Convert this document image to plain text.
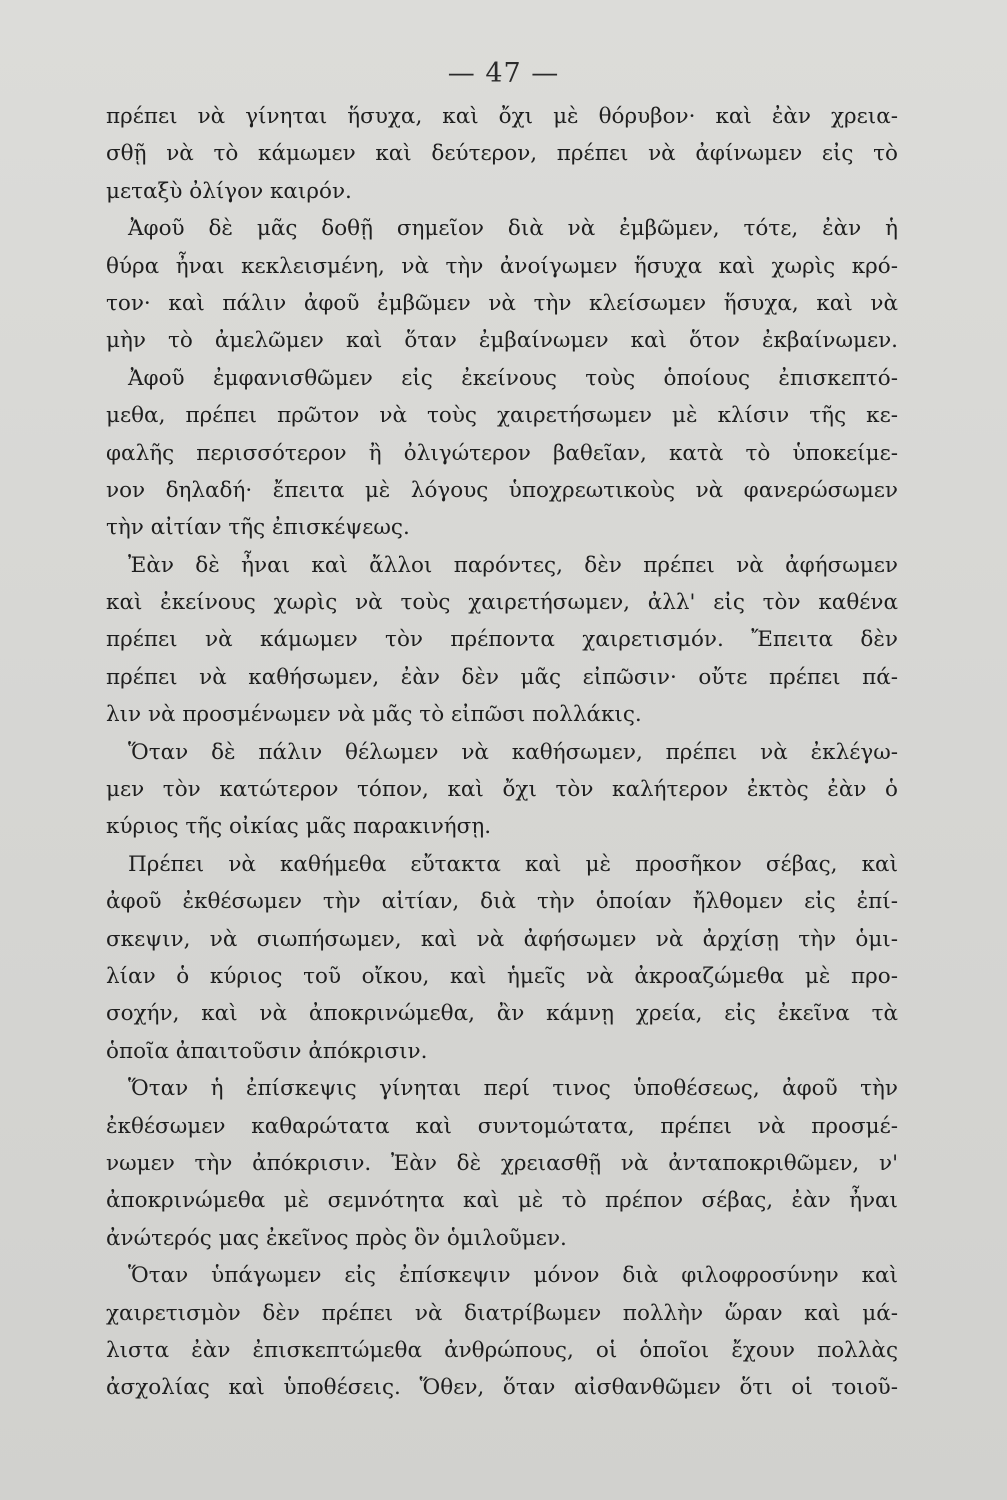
— 47 —
πρέπει νὰ γίνηται ἥσυχα, καὶ ὄχι μὲ θόρυβον· καὶ ἐὰν χρεια-
σθῇ νὰ τὸ κάμωμεν καὶ δεύτερον, πρέπει νὰ ἀφίνωμεν εἰς τὸ
μεταξὺ ὀλίγον καιρόν.
Ἀφοῦ δὲ μᾶς δοθῇ σημεῖον διὰ νὰ ἐμβῶμεν, τότε, ἐὰν ἡ
θύρα ἦναι κεκλεισμένη, νὰ τὴν ἀνοίγωμεν ἥσυχα καὶ χωρὶς κρό-
τον· καὶ πάλιν ἀφοῦ ἐμβῶμεν νὰ τὴν κλείσωμεν ἥσυχα, καὶ νὰ
μὴν τὸ ἀμελῶμεν καὶ ὅταν ἐμβαίνωμεν καὶ ὅτον ἐκβαίνωμεν.
Ἀφοῦ ἐμφανισθῶμεν εἰς ἐκείνους τοὺς ὁποίους ἐπισκεπτό-
μεθα, πρέπει πρῶτον νὰ τοὺς χαιρετήσωμεν μὲ κλίσιν τῆς κε-
φαλῆς περισσότερον ἢ ὀλιγώτερον βαθεῖαν, κατὰ τὸ ὑποκείμε-
νον δηλαδή· ἔπειτα μὲ λόγους ὑποχρεωτικοὺς νὰ φανερώσωμεν
τὴν αἰτίαν τῆς ἐπισκέψεως.
Ἐὰν δὲ ἦναι καὶ ἄλλοι παρόντες, δὲν πρέπει νὰ ἀφήσωμεν
καὶ ἐκείνους χωρὶς νὰ τοὺς χαιρετήσωμεν, ἀλλ' εἰς τὸν καθένα
πρέπει νὰ κάμωμεν τὸν πρέποντα χαιρετισμόν. Ἔπειτα δὲν
πρέπει νὰ καθήσωμεν, ἐὰν δὲν μᾶς εἰπῶσιν· οὔτε πρέπει πά-
λιν νὰ προσμένωμεν νὰ μᾶς τὸ εἰπῶσι πολλάκις.
Ὅταν δὲ πάλιν θέλωμεν νὰ καθήσωμεν, πρέπει νὰ ἐκλέγω-
μεν τὸν κατώτερον τόπον, καὶ ὄχι τὸν καλήτερον ἐκτὸς ἐὰν ὁ
κύριος τῆς οἰκίας μᾶς παρακινήσῃ.
Πρέπει νὰ καθήμεθα εὔτακτα καὶ μὲ προσῆκον σέβας, καὶ
ἀφοῦ ἐκθέσωμεν τὴν αἰτίαν, διὰ τὴν ὁποίαν ἤλθομεν εἰς ἐπί-
σκεψιν, νὰ σιωπήσωμεν, καὶ νὰ ἀφήσωμεν νὰ ἀρχίσῃ τὴν ὁμι-
λίαν ὁ κύριος τοῦ οἴκου, καὶ ἡμεῖς νὰ ἀκροαζώμεθα μὲ προ-
σοχήν, καὶ νὰ ἀποκρινώμεθα, ἂν κάμνῃ χρεία, εἰς ἐκεῖνα τὰ
ὁποῖα ἀπαιτοῦσιν ἀπόκρισιν.
Ὅταν ἡ ἐπίσκεψις γίνηται περί τινος ὑποθέσεως, ἀφοῦ τὴν
ἐκθέσωμεν καθαρώτατα καὶ συντομώτατα, πρέπει νὰ προσμέ-
νωμεν τὴν ἀπόκρισιν. Ἐὰν δὲ χρειασθῇ νὰ ἀνταποκριθῶμεν, ν'
ἀποκρινώμεθα μὲ σεμνότητα καὶ μὲ τὸ πρέπον σέβας, ἐὰν ἦναι
ἀνώτερός μας ἐκεῖνος πρὸς ὃν ὁμιλοῦμεν.
Ὅταν ὑπάγωμεν εἰς ἐπίσκεψιν μόνον διὰ φιλοφροσύνην καὶ
χαιρετισμὸν δὲν πρέπει νὰ διατρίβωμεν πολλὴν ὥραν καὶ μά-
λιστα ἐὰν ἐπισκεπτώμεθα ἀνθρώπους, οἱ ὁποῖοι ἔχουν πολλὰς
ἀσχολίας καὶ ὑποθέσεις. Ὅθεν, ὅταν αἰσθανθῶμεν ὅτι οἱ τοιοῦ-
